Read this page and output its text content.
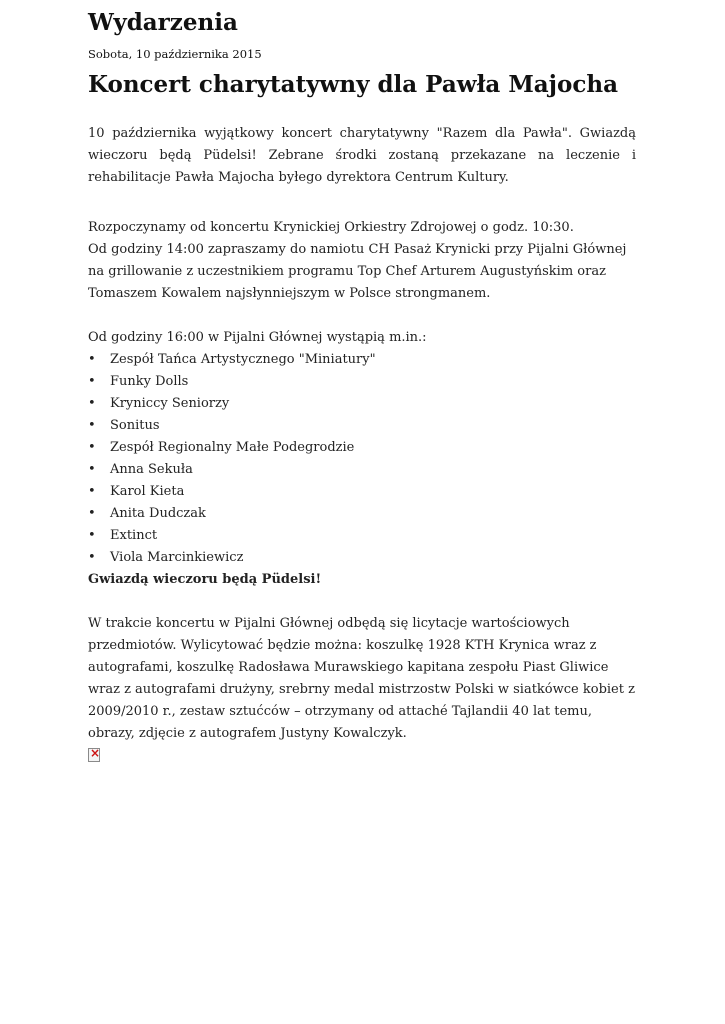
Wydarzenia
Sobota, 10 października 2015
Koncert charytatywny dla Pawła Majocha

10 października wyjątkowy koncert charytatywny "Razem dla Pawła". Gwiazdą wieczoru będą Püdelsi! Zebrane środki zostaną przekazane na leczenie i rehabilitacje Pawła Majocha byłego dyrektora Centrum Kultury.

Rozpoczynamy od koncertu Krynickiej Orkiestry Zdrojowej o godz. 10:30.

Od godziny 14:00 zapraszamy do namiotu CH Pasaż Krynicki przy Pijalni Głównej na grillowanie z uczestnikiem programu Top Chef Arturem Augustyńskim oraz Tomaszem Kowalem najsłynniejszym w Polsce strongmanem.

Od godziny 16:00 w Pijalni Głównej wystąpią m.in.:

• Zespół Tańca Artystycznego "Miniatury"
• Funky Dolls
• Kryniccy Seniorzy
• Sonitus
• Zespół Regionalny Małe Podegrodzie
• Anna Sekuła
• Karol Kieta
• Anita Dudczak
• Extinct
• Viola Marcinkiewicz

Gwiazdą wieczoru będą Püdelsi!

W trakcie koncertu w Pijalni Głównej odbędą się licytacje wartościowych przedmiotów. Wylicytować będzie można: koszulkę 1928 KTH Krynica wraz z autografami, koszulkę Radosława Murawskiego kapitana zespołu Piast Gliwice wraz z autografami drużyny, srebrny medal mistrzostw Polski w siatkówce kobiet z 2009/2010 r., zestaw sztućców – otrzymany od attaché Tajlandii 40 lat temu, obrazy, zdjęcie z autografem Justyny Kowalczyk.

×
